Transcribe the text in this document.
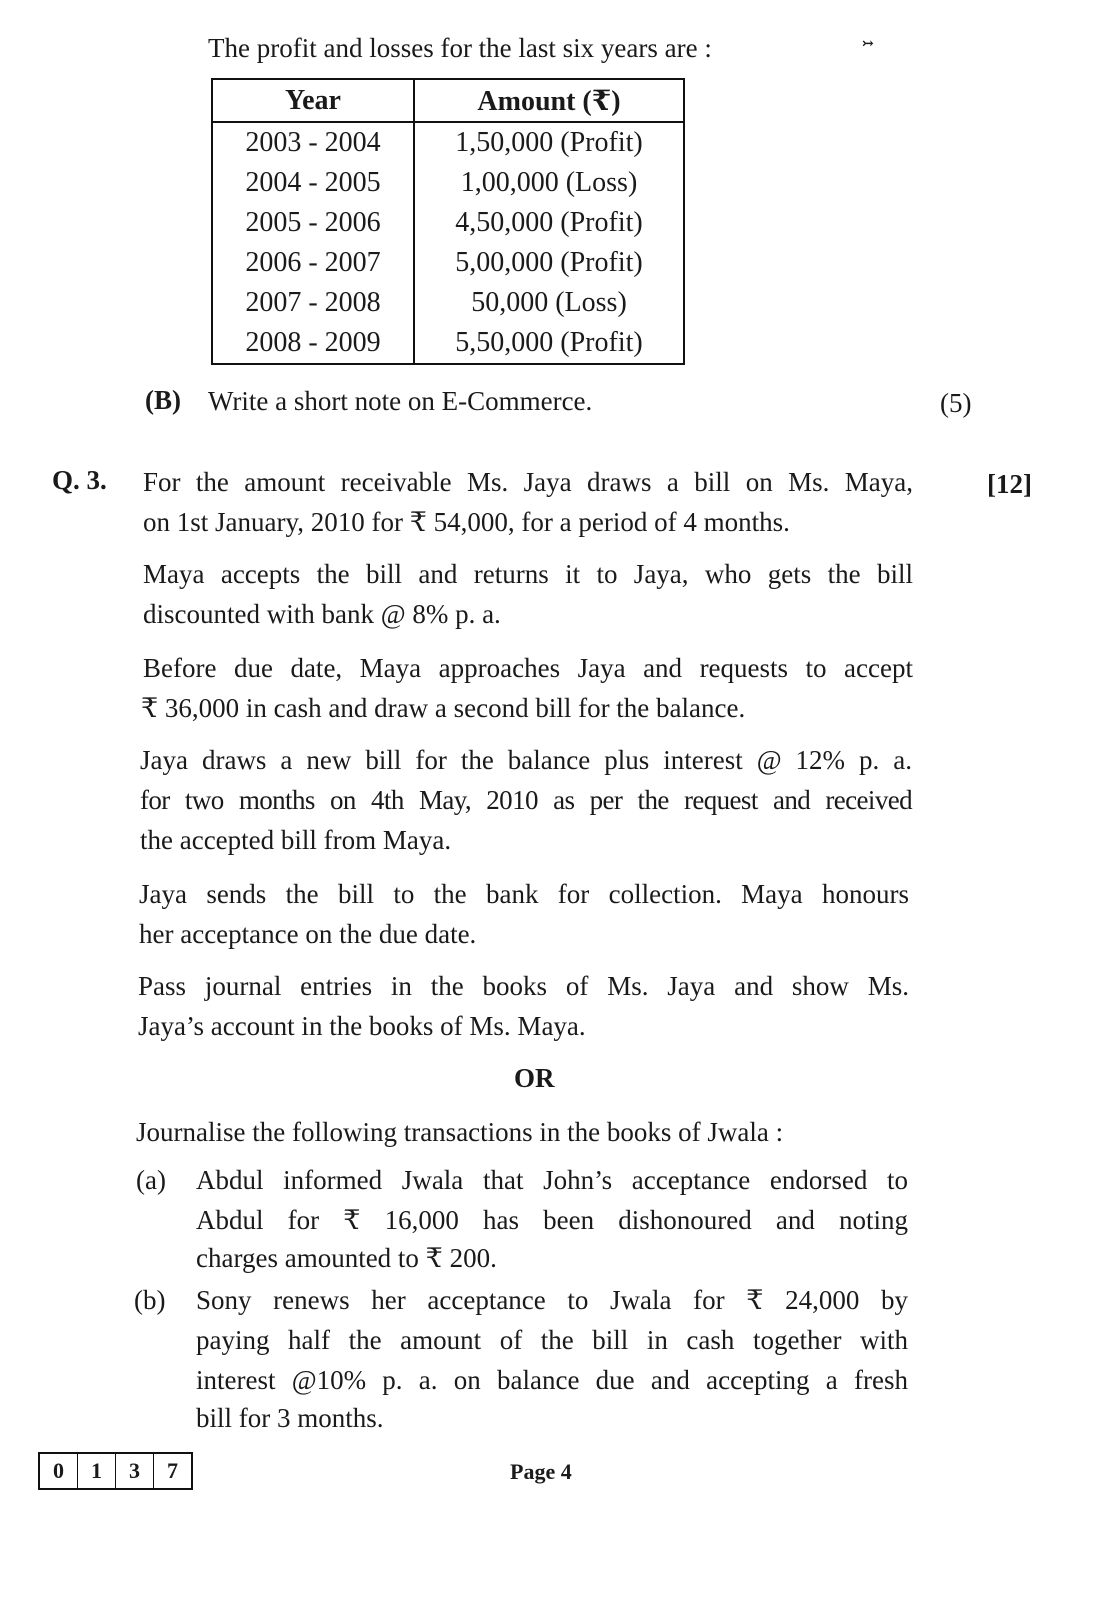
↣
The profit and losses for the last six years are :
Year	Amount (₹)
2003 - 2004	1,50,000 (Profit)
2004 - 2005	1,00,000 (Loss)
2005 - 2006	4,50,000 (Profit)
2006 - 2007	5,00,000 (Profit)
2007 - 2008	50,000 (Loss)
2008 - 2009	5,50,000 (Profit)
(B) Write a short note on E-Commerce.	(5)
Q. 3.	[12]
For the amount receivable Ms. Jaya draws a bill on Ms. Maya,
on 1st January, 2010 for ₹ 54,000, for a period of 4 months.
Maya accepts the bill and returns it to Jaya, who gets the bill
discounted with bank @ 8% p. a.
Before due date, Maya approaches Jaya and requests to accept
₹ 36,000 in cash and draw a second bill for the balance.
Jaya draws a new bill for the balance plus interest @ 12% p. a.
for two months on 4th May, 2010 as per the request and received
the accepted bill from Maya.
Jaya sends the bill to the bank for collection. Maya honours
her acceptance on the due date.
Pass journal entries in the books of Ms. Jaya and show Ms.
Jaya’s account in the books of Ms. Maya.
OR
Journalise the following transactions in the books of Jwala :
(a) Abdul informed Jwala that John’s acceptance endorsed to
Abdul for ₹ 16,000 has been dishonoured and noting
charges amounted to ₹ 200.
(b) Sony renews her acceptance to Jwala for ₹ 24,000 by
paying half the amount of the bill in cash together with
interest @10% p. a. on balance due and accepting a fresh
bill for 3 months.
0	1	3	7	Page 4
